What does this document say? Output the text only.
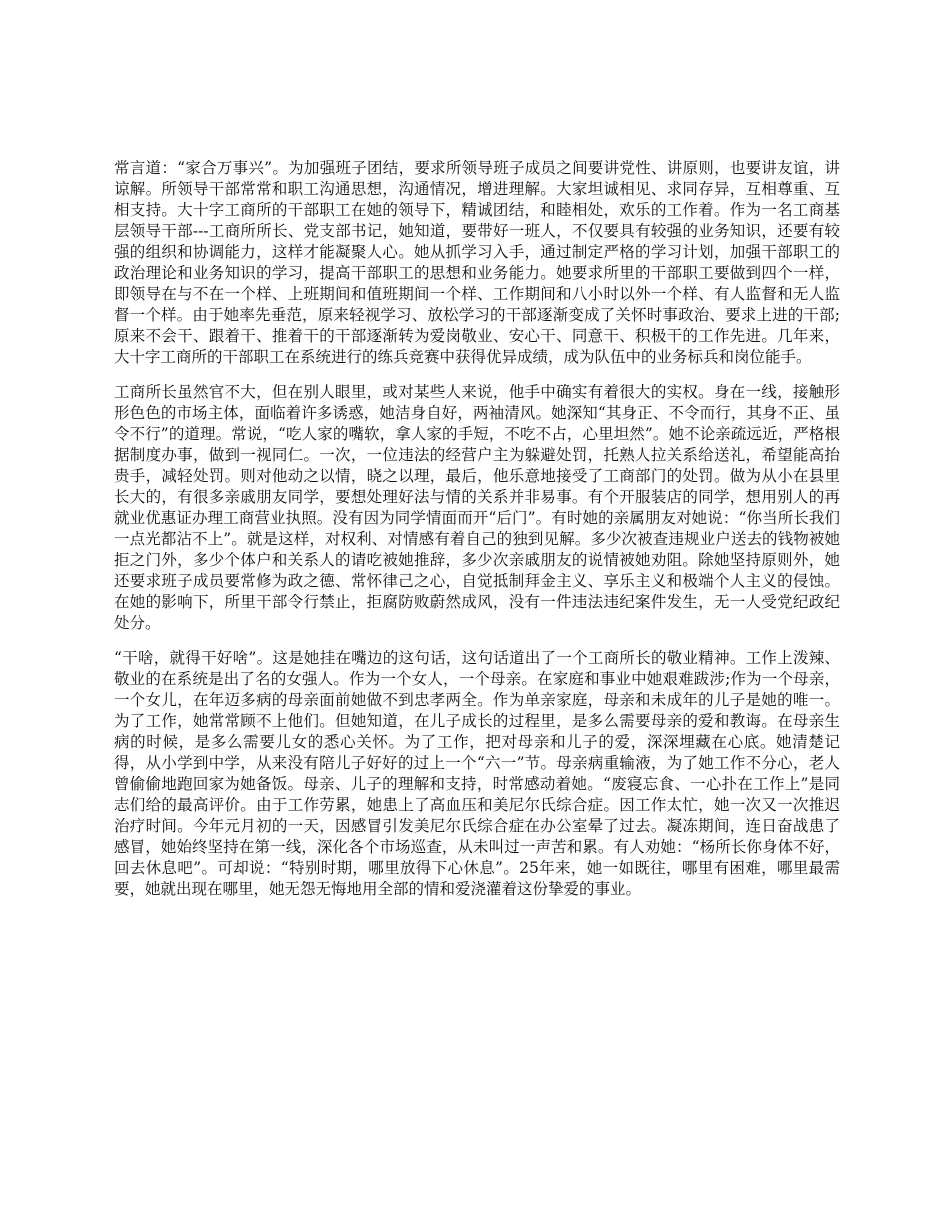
常言道：“家合万事兴”。为加强班子团结，要求所领导班子成员之间要讲党性、讲原则，也要讲友谊，讲谅解。所领导干部常常和职工沟通思想，沟通情况，增进理解。大家坦诚相见、求同存异，互相尊重、互相支持。大十字工商所的干部职工在她的领导下，精诚团结，和睦相处，欢乐的工作着。作为一名工商基层领导干部---工商所所长、党支部书记，她知道，要带好一班人，不仅要具有较强的业务知识，还要有较强的组织和协调能力，这样才能凝聚人心。她从抓学习入手，通过制定严格的学习计划，加强干部职工的政治理论和业务知识的学习，提高干部职工的思想和业务能力。她要求所里的干部职工要做到四个一样，即领导在与不在一个样、上班期间和值班期间一个样、工作期间和八小时以外一个样、有人监督和无人监督一个样。由于她率先垂范，原来轻视学习、放松学习的干部逐渐变成了关怀时事政治、要求上进的干部;原来不会干、跟着干、推着干的干部逐渐转为爱岗敬业、安心干、同意干、积极干的工作先进。几年来，大十字工商所的干部职工在系统进行的练兵竞赛中获得优异成绩，成为队伍中的业务标兵和岗位能手。

工商所长虽然官不大，但在别人眼里，或对某些人来说，他手中确实有着很大的实权。身在一线，接触形形色色的市场主体，面临着许多诱惑，她洁身自好，两袖清风。她深知“其身正、不令而行，其身不正、虽令不行”的道理。常说，“吃人家的嘴软，拿人家的手短，不吃不占，心里坦然”。她不论亲疏远近，严格根据制度办事，做到一视同仁。一次，一位违法的经营户主为躲避处罚，托熟人拉关系给送礼，希望能高抬贵手，减轻处罚。则对他动之以情，晓之以理，最后，他乐意地接受了工商部门的处罚。做为从小在县里长大的，有很多亲戚朋友同学，要想处理好法与情的关系并非易事。有个开服装店的同学，想用别人的再就业优惠证办理工商营业执照。没有因为同学情面而开“后门”。有时她的亲属朋友对她说：“你当所长我们一点光都沾不上”。就是这样，对权利、对情感有着自己的独到见解。多少次被查违规业户送去的钱物被她拒之门外，多少个体户和关系人的请吃被她推辞，多少次亲戚朋友的说情被她劝阻。除她坚持原则外，她还要求班子成员要常修为政之德、常怀律己之心，自觉抵制拜金主义、享乐主义和极端个人主义的侵蚀。在她的影响下，所里干部令行禁止，拒腐防败蔚然成风，没有一件违法违纪案件发生，无一人受党纪政纪处分。

“干啥，就得干好啥”。这是她挂在嘴边的这句话，这句话道出了一个工商所长的敬业精神。工作上泼辣、敬业的在系统是出了名的女强人。作为一个女人，一个母亲。在家庭和事业中她艰难跋涉;作为一个母亲，一个女儿，在年迈多病的母亲面前她做不到忠孝两全。作为单亲家庭，母亲和未成年的儿子是她的唯一。为了工作，她常常顾不上他们。但她知道，在儿子成长的过程里，是多么需要母亲的爱和教诲。在母亲生病的时候，是多么需要儿女的悉心关怀。为了工作，把对母亲和儿子的爱，深深埋藏在心底。她清楚记得，从小学到中学，从来没有陪儿子好好的过上一个“六一”节。母亲病重输液，为了她工作不分心，老人曾偷偷地跑回家为她备饭。母亲、儿子的理解和支持，时常感动着她。“废寝忘食、一心扑在工作上”是同志们给的最高评价。由于工作劳累，她患上了高血压和美尼尔氏综合症。因工作太忙，她一次又一次推迟治疗时间。今年元月初的一天，因感冒引发美尼尔氏综合症在办公室晕了过去。凝冻期间，连日奋战患了感冒，她始终坚持在第一线，深化各个市场巡查，从未叫过一声苦和累。有人劝她：“杨所长你身体不好，回去休息吧”。可却说：“特别时期，哪里放得下心休息”。25年来，她一如既往，哪里有困难，哪里最需要，她就出现在哪里，她无怨无悔地用全部的情和爱浇灌着这份挚爱的事业。
